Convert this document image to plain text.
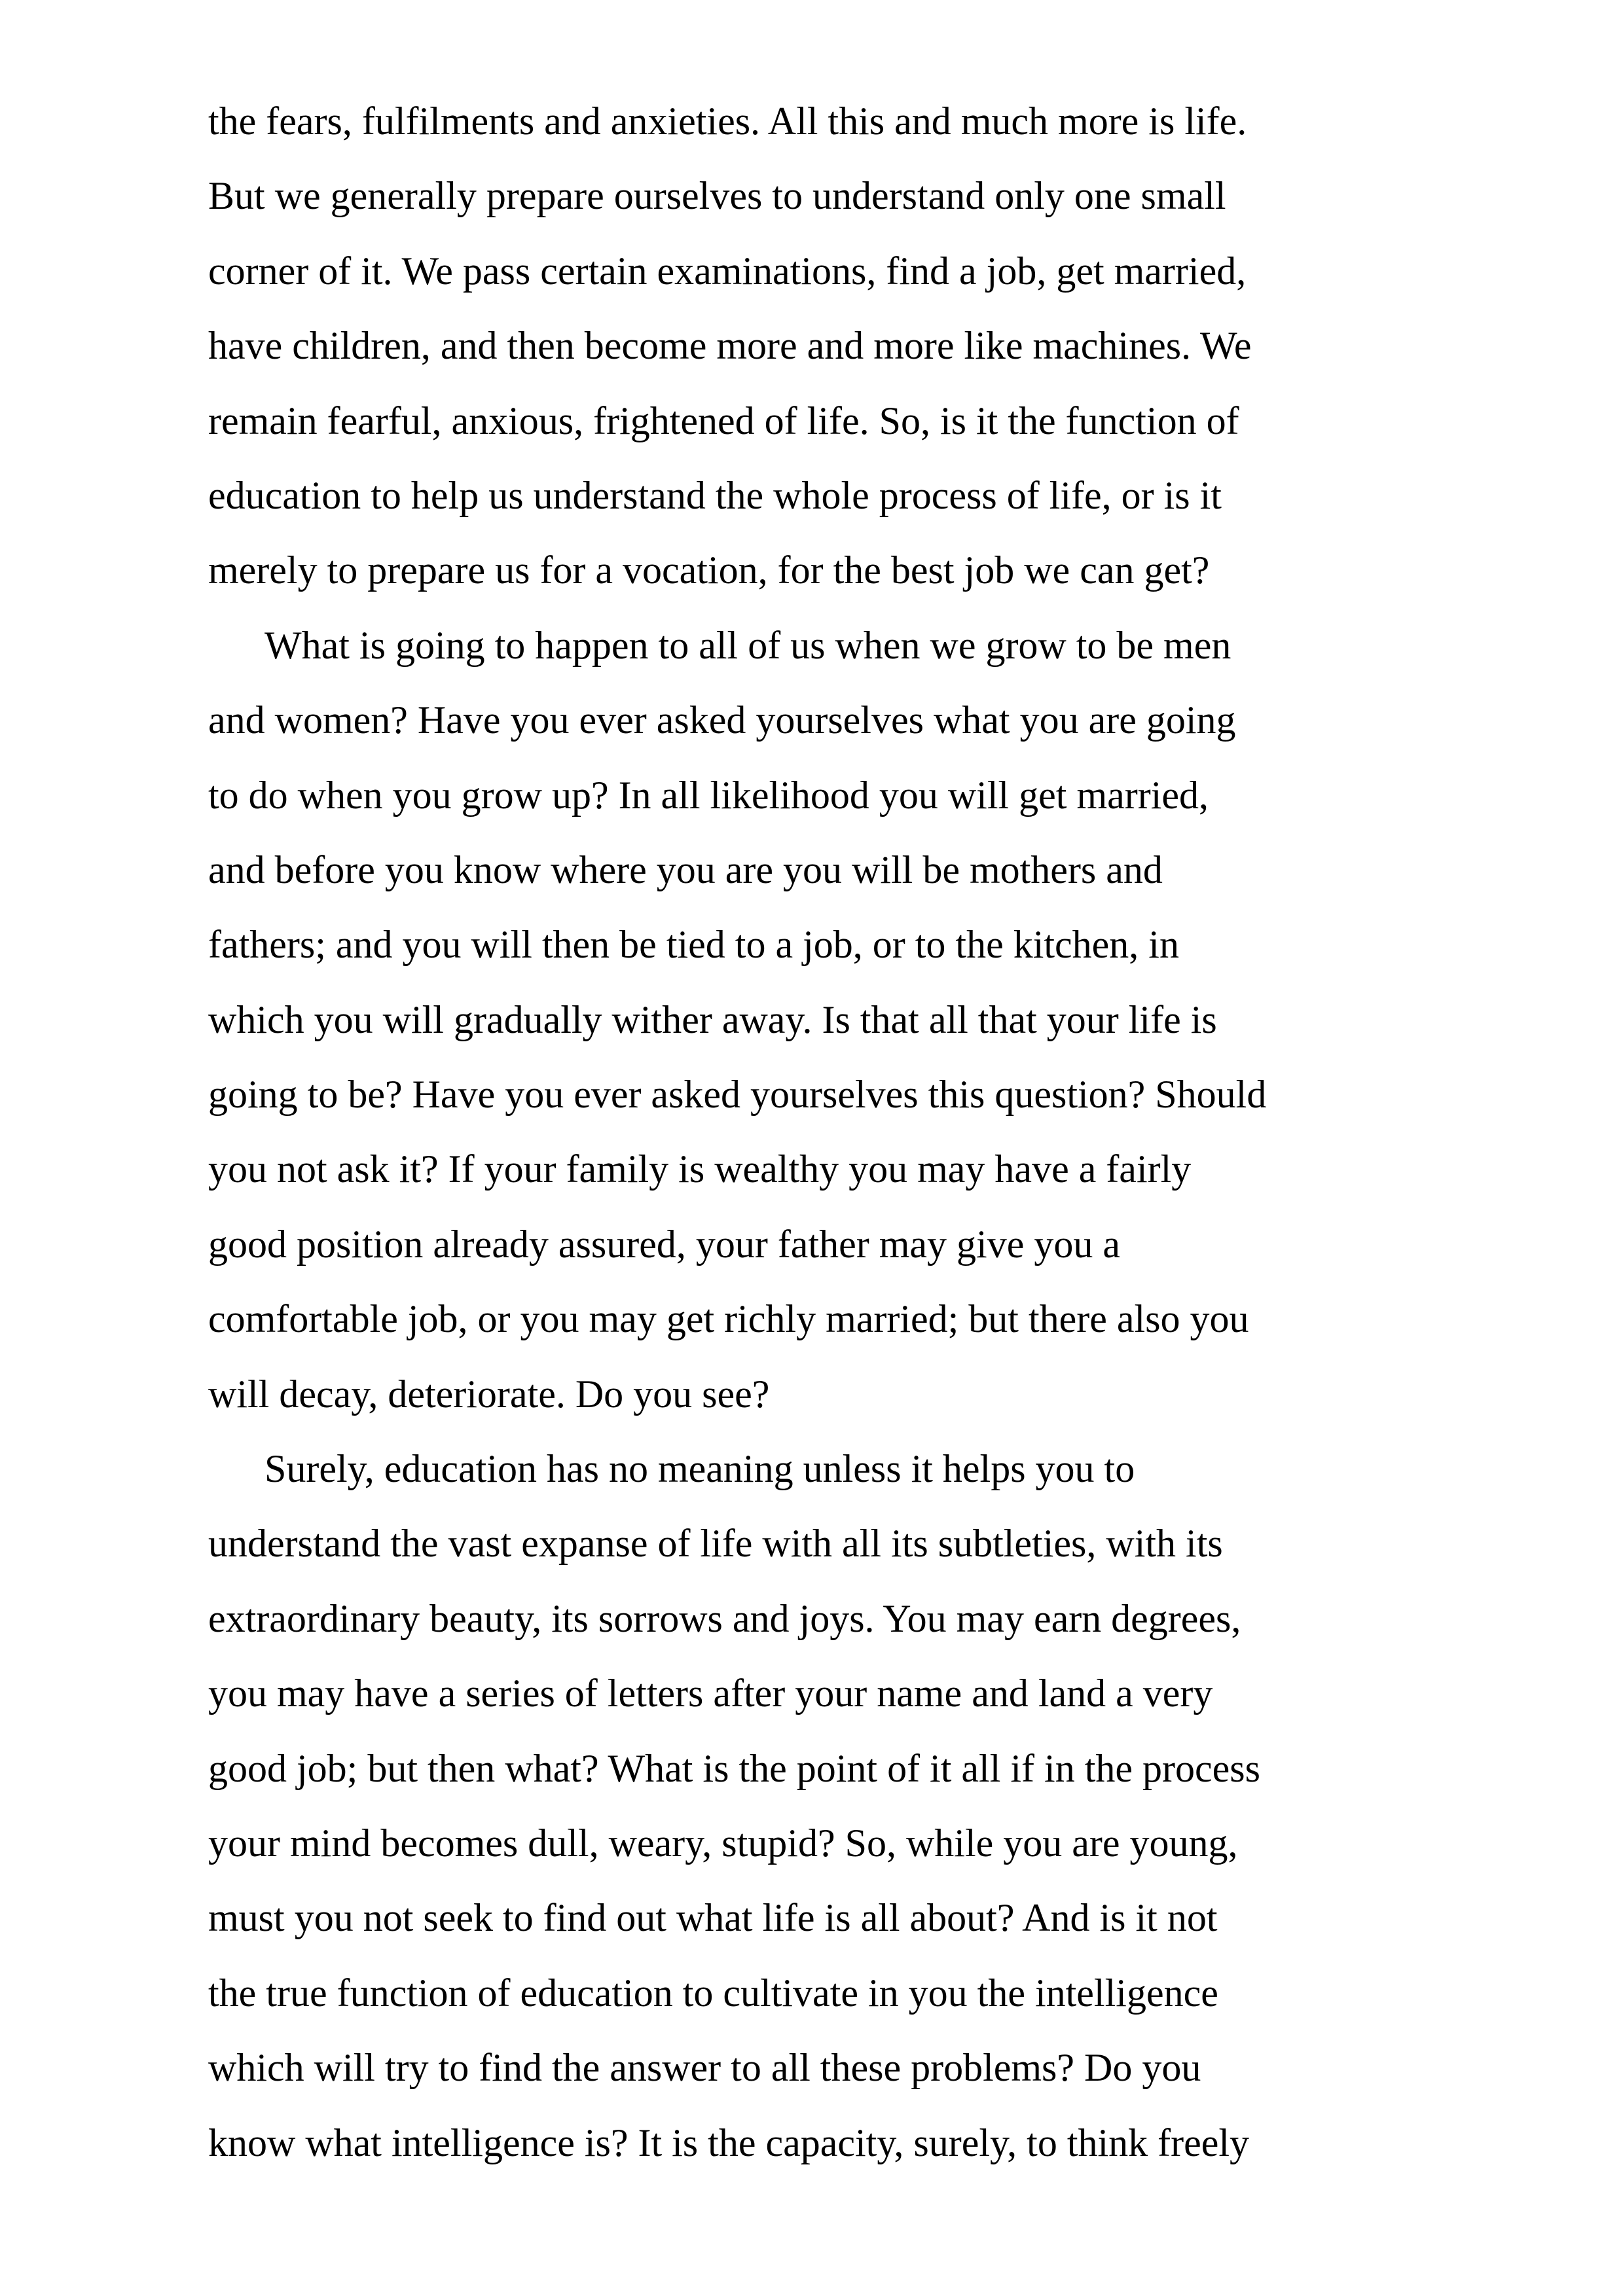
the fears, fulfilments and anxieties. All this and much more is life.
But we generally prepare ourselves to understand only one small
corner of it. We pass certain examinations, find a job, get married,
have children, and then become more and more like machines. We
remain fearful, anxious, frightened of life. So, is it the function of
education to help us understand the whole process of life, or is it
merely to prepare us for a vocation, for the best job we can get?
What is going to happen to all of us when we grow to be men
and women? Have you ever asked yourselves what you are going
to do when you grow up? In all likelihood you will get married,
and before you know where you are you will be mothers and
fathers; and you will then be tied to a job, or to the kitchen, in
which you will gradually wither away. Is that all that your life is
going to be? Have you ever asked yourselves this question? Should
you not ask it? If your family is wealthy you may have a fairly
good position already assured, your father may give you a
comfortable job, or you may get richly married; but there also you
will decay, deteriorate. Do you see?
Surely, education has no meaning unless it helps you to
understand the vast expanse of life with all its subtleties, with its
extraordinary beauty, its sorrows and joys. You may earn degrees,
you may have a series of letters after your name and land a very
good job; but then what? What is the point of it all if in the process
your mind becomes dull, weary, stupid? So, while you are young,
must you not seek to find out what life is all about? And is it not
the true function of education to cultivate in you the intelligence
which will try to find the answer to all these problems? Do you
know what intelligence is? It is the capacity, surely, to think freely
